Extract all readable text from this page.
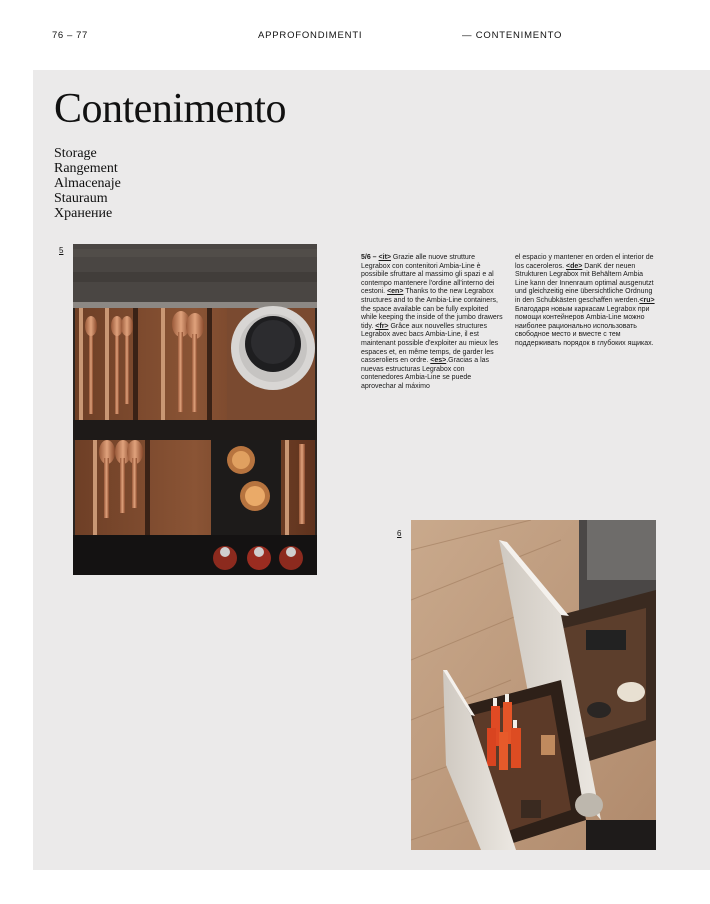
76 – 77	APPROFONDIMENTI	— CONTENIMENTO
Contenimento
Storage
Rangement
Almacenaje
Stauraum
Хранение
5

5/6 – <it> Grazie alle nuove strutture Legrabox con contenitori Ambia-Line è possibile sfruttare al massimo gli spazi e al contempo mantenere l'ordine all'interno dei cestoni. <en> Thanks to the new Legrabox structures and to the Ambia-Line containers, the space available can be fully exploited while keeping the inside of the jumbo drawers tidy. <fr> Grâce aux nouvelles structures Legrabox avec bacs Ambia-Line, il est maintenant possible d'exploiter au mieux les espaces et, en même temps, de garder les casseroliers en ordre. <es>.Gracias a las nuevas estructuras Legrabox con contenedores Ambia-Line se puede aprovechar al máximo

el espacio y mantener en orden el interior de los caceroleros. <de> DanK der neuen Strukturen Legrabox mit Behältern Ambia Line kann der Innenraum optimal ausgenutzt und gleichzeitig eine übersichtliche Ordnung in den Schubkästen geschaffen werden.<ru> Благодаря новым каркасам Legrabox при помощи контейнеров Ambia-Line можно наиболее рационально использовать свободное место и вместе с тем поддерживать порядок в глубоких ящиках.

6
